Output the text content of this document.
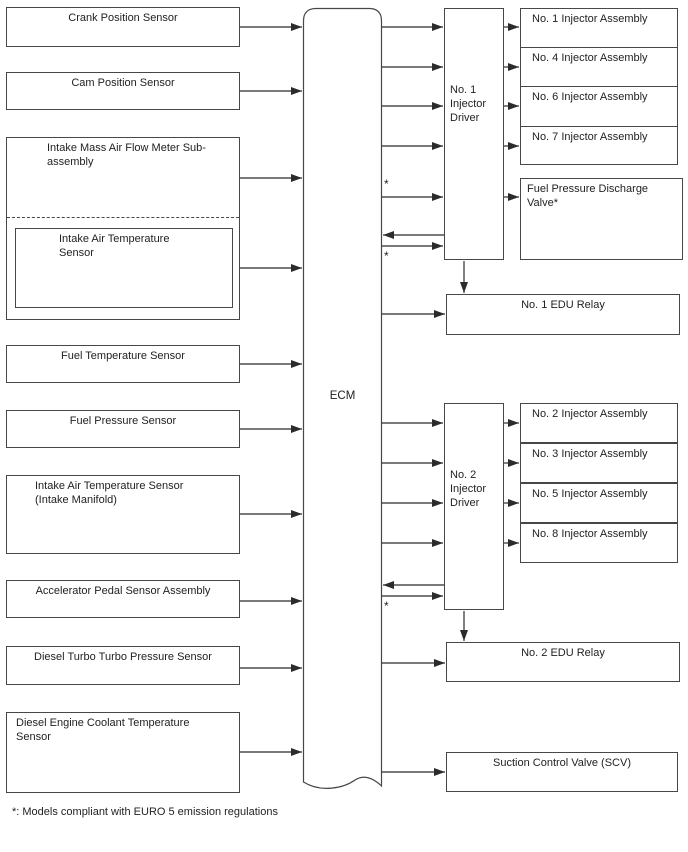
ECM
Crank Position Sensor
Cam Position Sensor
Intake Mass Air Flow Meter Sub-assembly
Intake Air Temperature Sensor
Fuel Temperature Sensor
Fuel Pressure Sensor
Intake Air Temperature Sensor (Intake Manifold)
Accelerator Pedal Sensor Assembly
Diesel Turbo Turbo Pressure Sensor
Diesel Engine Coolant Temperature Sensor
No. 1 Injector Driver
No. 2 Injector Driver
No. 1 Injector Assembly
No. 4 Injector Assembly
No. 6 Injector Assembly
No. 7 Injector Assembly
Fuel Pressure Discharge Valve*
No. 1 EDU Relay
No. 2 Injector Assembly
No. 3 Injector Assembly
No. 5 Injector Assembly
No. 8 Injector Assembly
No. 2 EDU Relay
Suction Control Valve (SCV)
*
*
*
*: Models compliant with EURO 5 emission regulations
